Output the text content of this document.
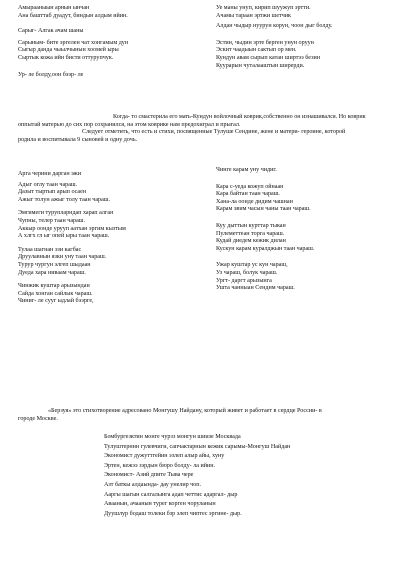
Амырааныын арнын ынчан
Ана башттаб дуадут, биндын алдым ийин.
Сарыг- Алгак ачам шаны
Сарыным- бите эргелен чат хонгамым дун
Сыгыр данда чыылчынын хоомей ыры
Сыртык кожа ийн бисти оттурупчук.
Ур- ле болду,оон бээр- ле
Уе маны унуп, кирип шуужуп эртти.
Ачамы тараан эртжи шетчик
Алдан чыдыр нуурун корун, чоон дыг болду.
Эстин, чыдин эрте берген унун оруун
Эскит чаадыын сактып ор мен.
Кундун авам сырып катан ширтээ безин
Куурарын чуталааштын ширерди.
Когда- то смастерила его мать-Кундун войлочный коврик,собственно он изнашивался. Но коврик
оппытай матерью до сих пор сохранился, на этом коврике нам предохиграл и прыгал.
Следует отметить, что есть и стихи, посвященные Тулуше Сендине, жене и матери- героине, которой
родила и воспитывала 9 сыновей и одну дочь.
Арга черини дарган эжи
Адыг оглу таан чараш.
Дазыт тыртып арып осаен
Ажыг толун ажыг толу таан чараш.
Эмгимеги турупларндап харап алган
Чупны, телер таан чараш.
Аккыр оонде урууп аатхан эргим кызтым
А хлгх гл ыг опей ыры таан чараш.
Тулаа шагнан эзи кагбас
Друулавнын язки уну таан чараш.
Турур чургун элгеп шыдаан
Дуеда хара ниваам чараш.
Чинжик куштар арызындан
Сайда хонган сайлык чараш.
Чиниг- ле сууг ыдлай бээрге,
Чинге карам уну чидиг.
Кара с-уеда кожуп ойнаан
Кара байтан таан чараш.
Хана-ла оонде дидим чашнан
Карам эвим часын чаны таан чараш.
Куу дыттын курттар тыкан
Пулеметтеан торга чараш.
Кудай диедем кежик дилан
Кускун карам куралджын таан чараш.
Ужар куштар ус кун чараш,
Уз чараш, болук чараш.
Ургт- даргт арызынга
Уштa чанныан Сенднм чараш.
«Берзуя» это стихотворение адресовано Монгушу Найдану, который живет и работает в сердце России- в
городе Москве.
Бомбургезктин монге чурзз монгун шиизе Москвада
Тулуштерннн гулевчиги, сапчактарнын кежик сарымы-Монгуш Найдан
Экономист дужуттгейин эзлеп алыр айы, хуну
Эртен, кежээ зэрдын бюро болду- ла ийин.
Экономист- Азий дпите Тыва чере
Азт баткы алдаында- дау унелир чоп.
Ааргы шагын салгалынга адап четтис адаргал- дыр
Аваанын, ачаанын турег корген чоруланын
Дуушлур бодаш толеки бзр элеп чиптеc эргине- дыр.
